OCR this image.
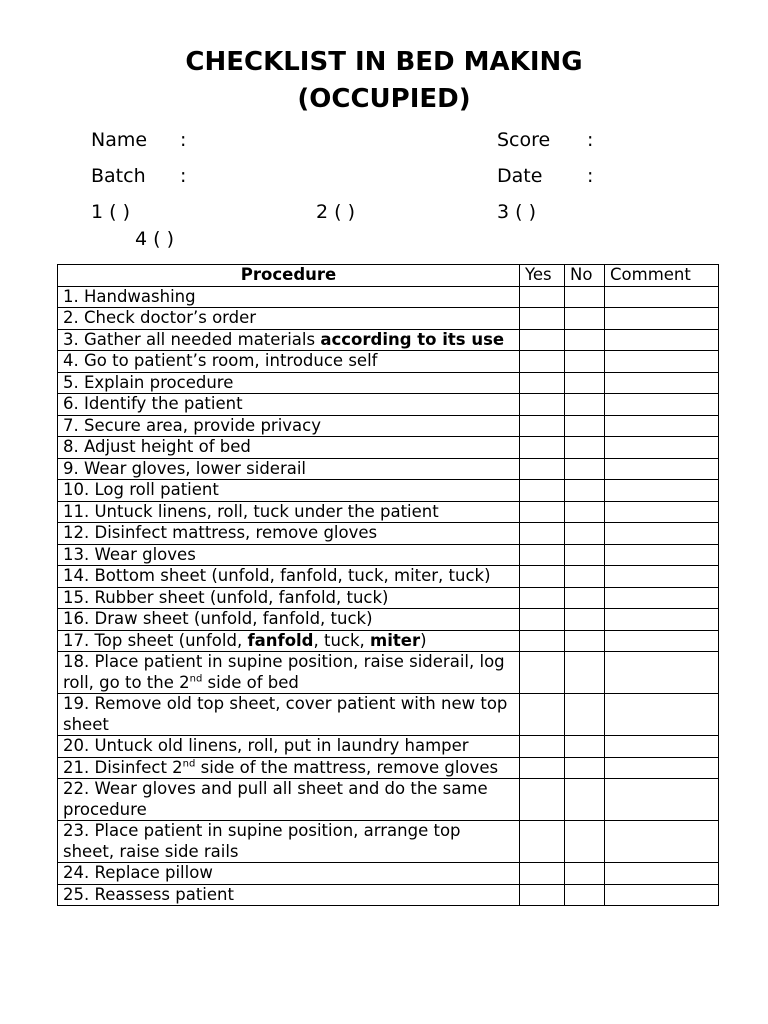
CHECKLIST IN BED MAKING
(OCCUPIED)
Name :	Score :
Batch :	Date :
1 ( )	2 ( )	3 ( )
4 ( )
Procedure	Yes	No	Comment
1. Handwashing			
2. Check doctor’s order			
3. Gather all needed materials according to its use			
4. Go to patient’s room, introduce self			
5. Explain procedure			
6. Identify the patient			
7. Secure area, provide privacy			
8. Adjust height of bed			
9. Wear gloves, lower siderail			
10. Log roll patient			
11. Untuck linens, roll, tuck under the patient			
12. Disinfect mattress, remove gloves			
13. Wear gloves			
14. Bottom sheet (unfold, fanfold, tuck, miter, tuck)			
15. Rubber sheet (unfold, fanfold, tuck)			
16. Draw sheet (unfold, fanfold, tuck)			
17. Top sheet (unfold, fanfold, tuck, miter)			
18. Place patient in supine position, raise siderail, log roll, go to the 2nd side of bed			
19. Remove old top sheet, cover patient with new top sheet			
20. Untuck old linens, roll, put in laundry hamper			
21. Disinfect 2nd side of the mattress, remove gloves			
22. Wear gloves and pull all sheet and do the same procedure			
23. Place patient in supine position, arrange top sheet, raise side rails			
24. Replace pillow			
25. Reassess patient			
